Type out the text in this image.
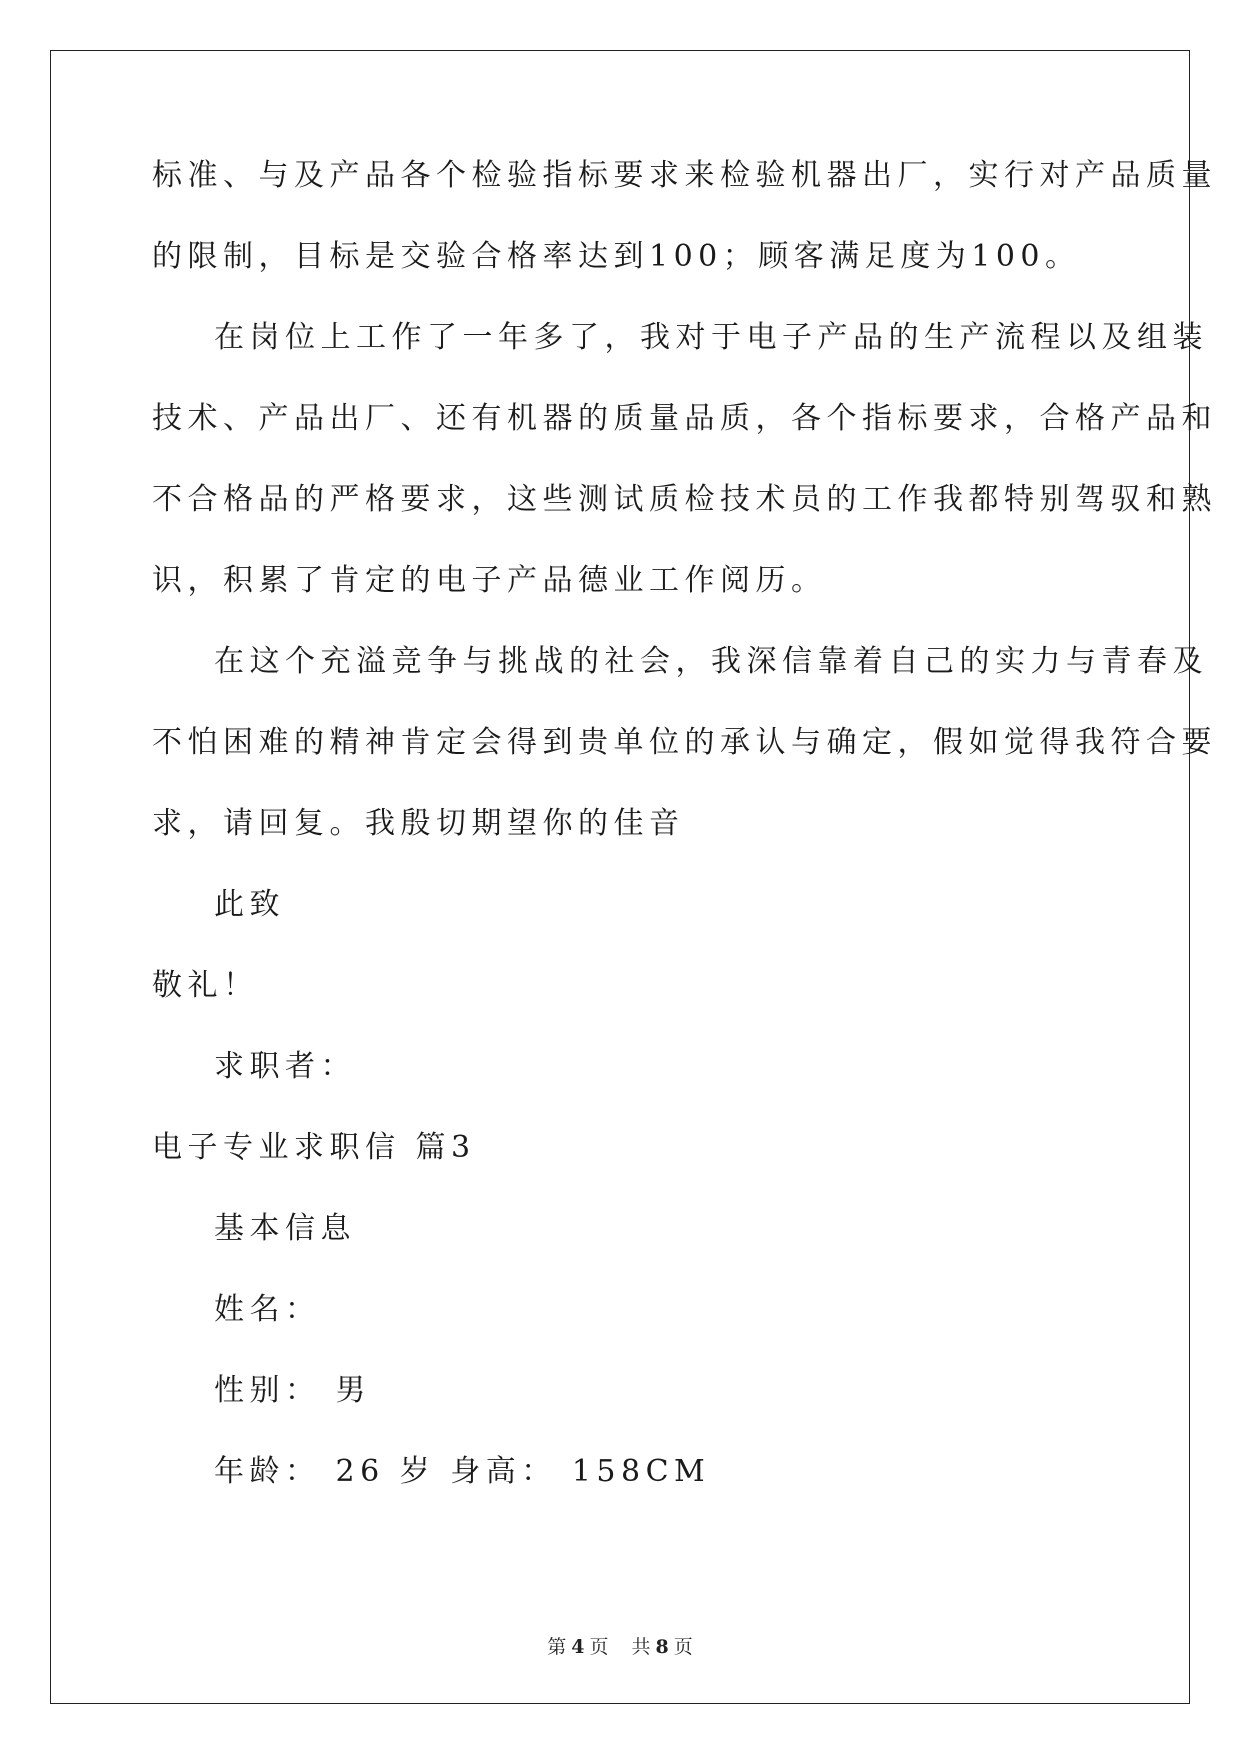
标准、与及产品各个检验指标要求来检验机器出厂，实行对产品质量
的限制，目标是交验合格率达到100；顾客满足度为100。
在岗位上工作了一年多了，我对于电子产品的生产流程以及组装
技术、产品出厂、还有机器的质量品质，各个指标要求，合格产品和
不合格品的严格要求，这些测试质检技术员的工作我都特别驾驭和熟
识，积累了肯定的电子产品德业工作阅历。
在这个充溢竞争与挑战的社会，我深信靠着自己的实力与青春及
不怕困难的精神肯定会得到贵单位的承认与确定，假如觉得我符合要
求，请回复。我殷切期望你的佳音
此致
敬礼！
求职者：
电子专业求职信 篇3
基本信息
姓名：
性别： 男
年龄： 26 岁 身高： 158CM
第 4 页 共 8 页
